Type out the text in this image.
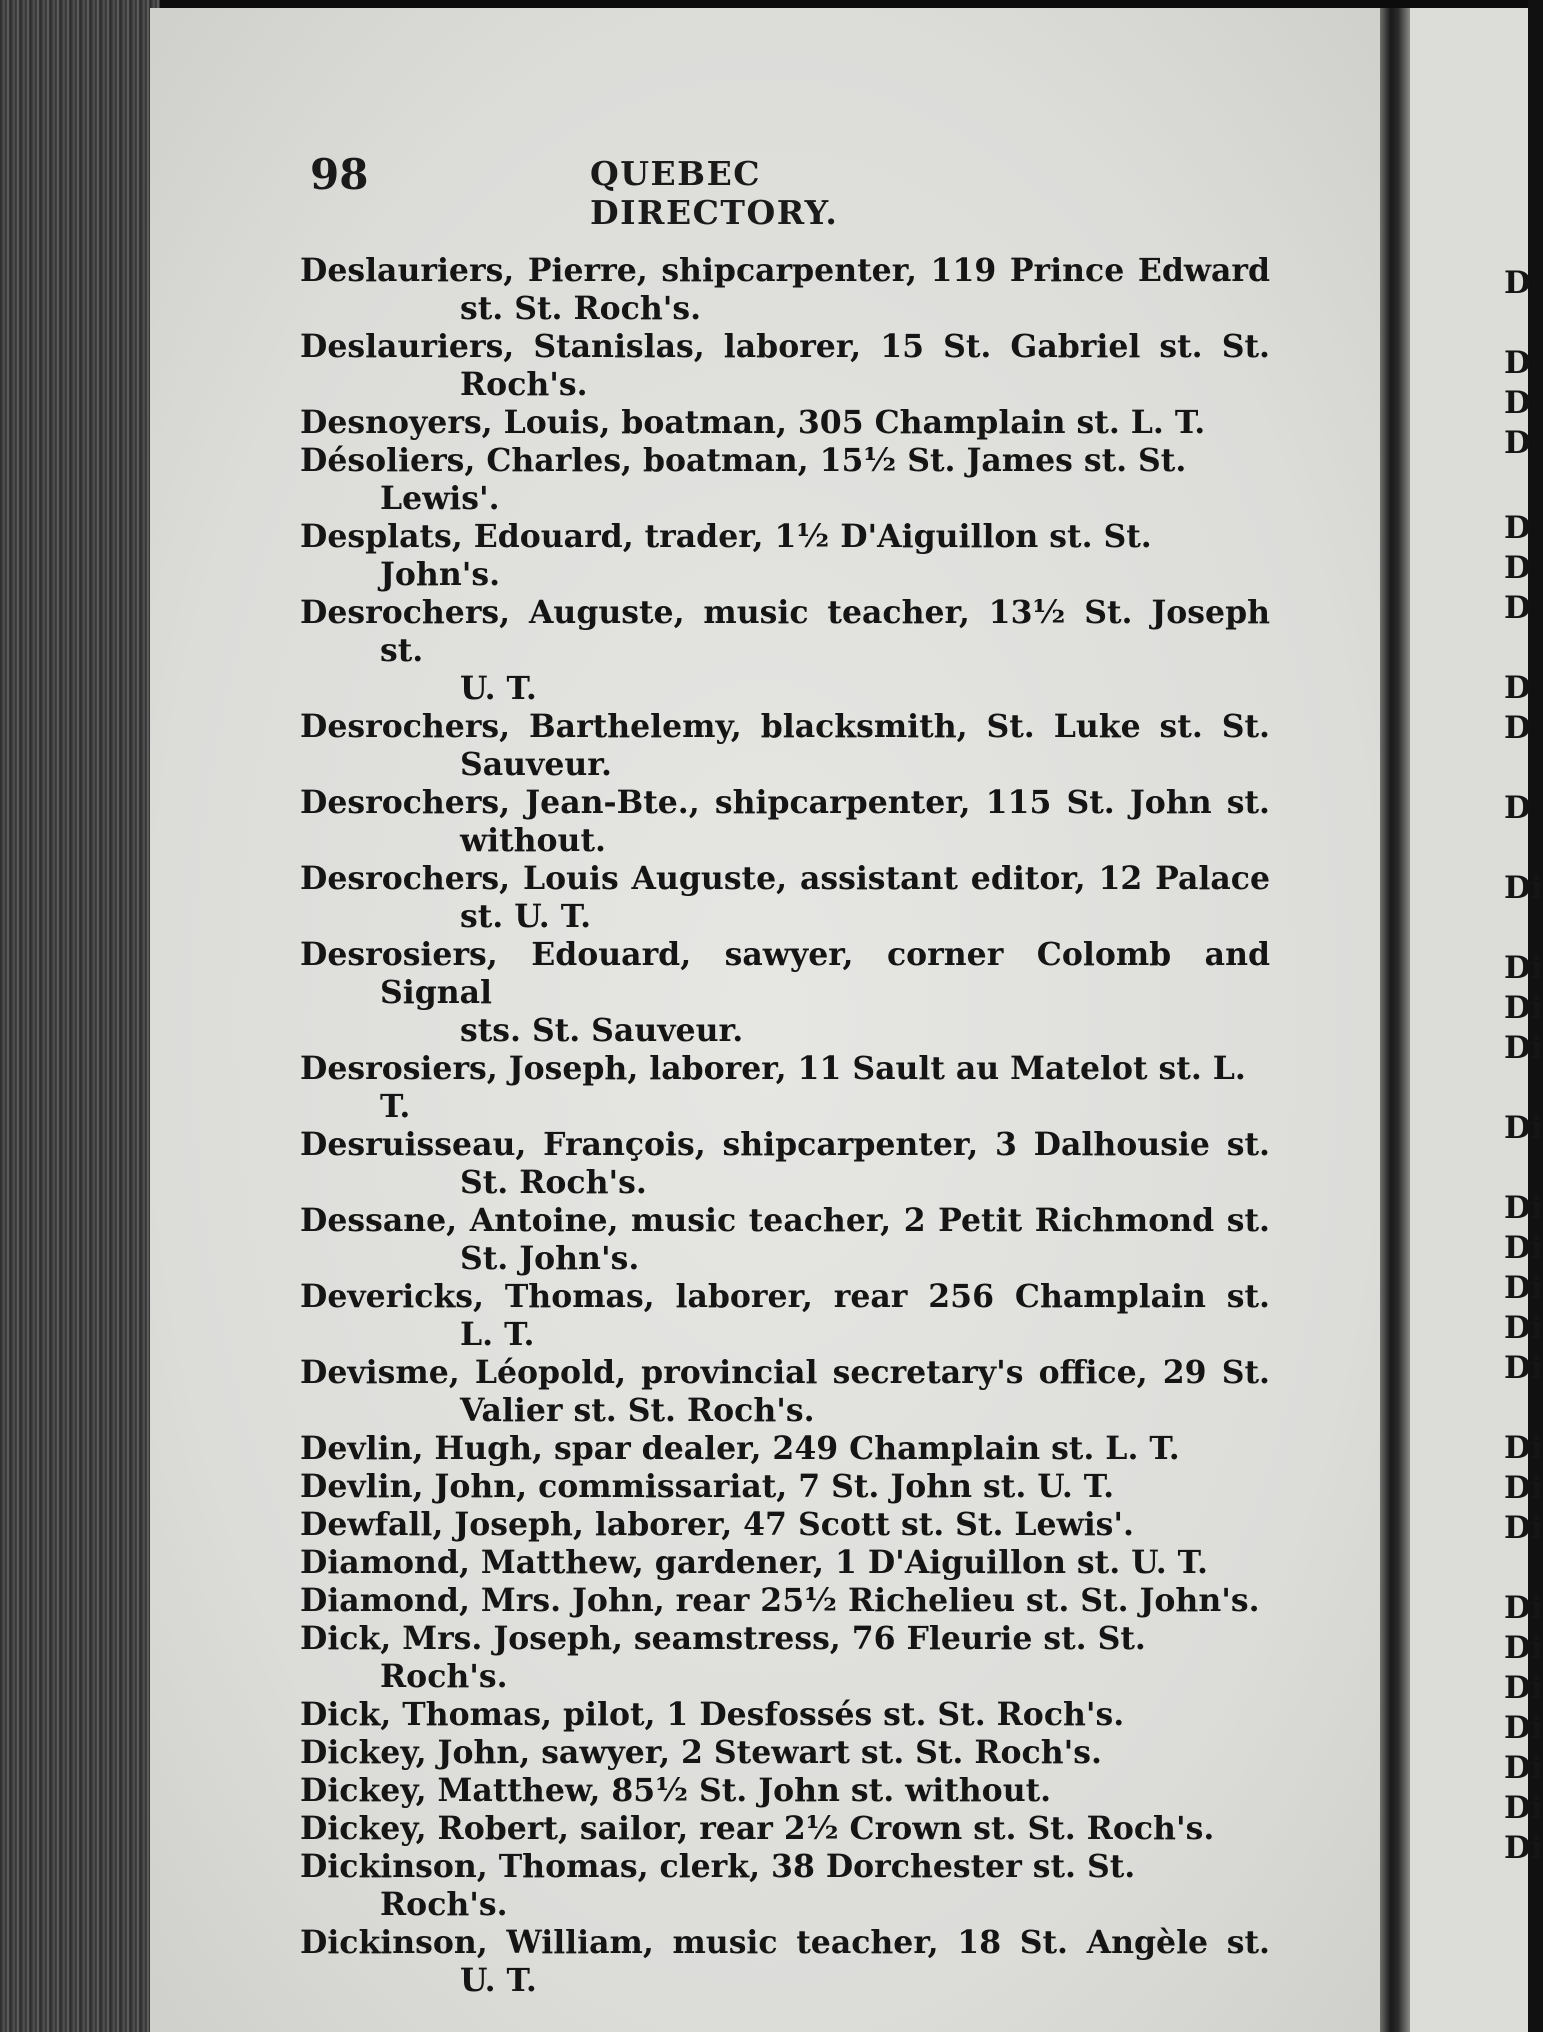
98	QUEBEC DIRECTORY.
Deslauriers, Pierre, shipcarpenter, 119 Prince Edward
st. St. Roch's.
Deslauriers, Stanislas, laborer, 15 St. Gabriel st. St.
Roch's.
Desnoyers, Louis, boatman, 305 Champlain st. L. T.
Désoliers, Charles, boatman, 15½ St. James st. St. Lewis'.
Desplats, Edouard, trader, 1½ D'Aiguillon st. St. John's.
Desrochers, Auguste, music teacher, 13½ St. Joseph st.
U. T.
Desrochers, Barthelemy, blacksmith, St. Luke st. St.
Sauveur.
Desrochers, Jean-Bte., shipcarpenter, 115 St. John st.
without.
Desrochers, Louis Auguste, assistant editor, 12 Palace
st. U. T.
Desrosiers, Edouard, sawyer, corner Colomb and Signal
sts. St. Sauveur.
Desrosiers, Joseph, laborer, 11 Sault au Matelot st. L. T.
Desruisseau, François, shipcarpenter, 3 Dalhousie st.
St. Roch's.
Dessane, Antoine, music teacher, 2 Petit Richmond st.
St. John's.
Devericks, Thomas, laborer, rear 256 Champlain st.
L. T.
Devisme, Léopold, provincial secretary's office, 29 St.
Valier st. St. Roch's.
Devlin, Hugh, spar dealer, 249 Champlain st. L. T.
Devlin, John, commissariat, 7 St. John st. U. T.
Dewfall, Joseph, laborer, 47 Scott st. St. Lewis'.
Diamond, Matthew, gardener, 1 D'Aiguillon st. U. T.
Diamond, Mrs. John, rear 25½ Richelieu st. St. John's.
Dick, Mrs. Joseph, seamstress, 76 Fleurie st. St. Roch's.
Dick, Thomas, pilot, 1 Desfossés st. St. Roch's.
Dickey, John, sawyer, 2 Stewart st. St. Roch's.
Dickey, Matthew, 85½ St. John st. without.
Dickey, Robert, sailor, rear 2½ Crown st. St. Roch's.
Dickinson, Thomas, clerk, 38 Dorchester st. St. Roch's.
Dickinson, William, music teacher, 18 St. Angèle st.
U. T.
D
D
D
D
D
D
D
D
D
D
Di
Di
Di
Di
Di
Di
Di
Di
Di
Di
Di
Di
Di
Di
Di
Di
Di
Di
Di
Di
